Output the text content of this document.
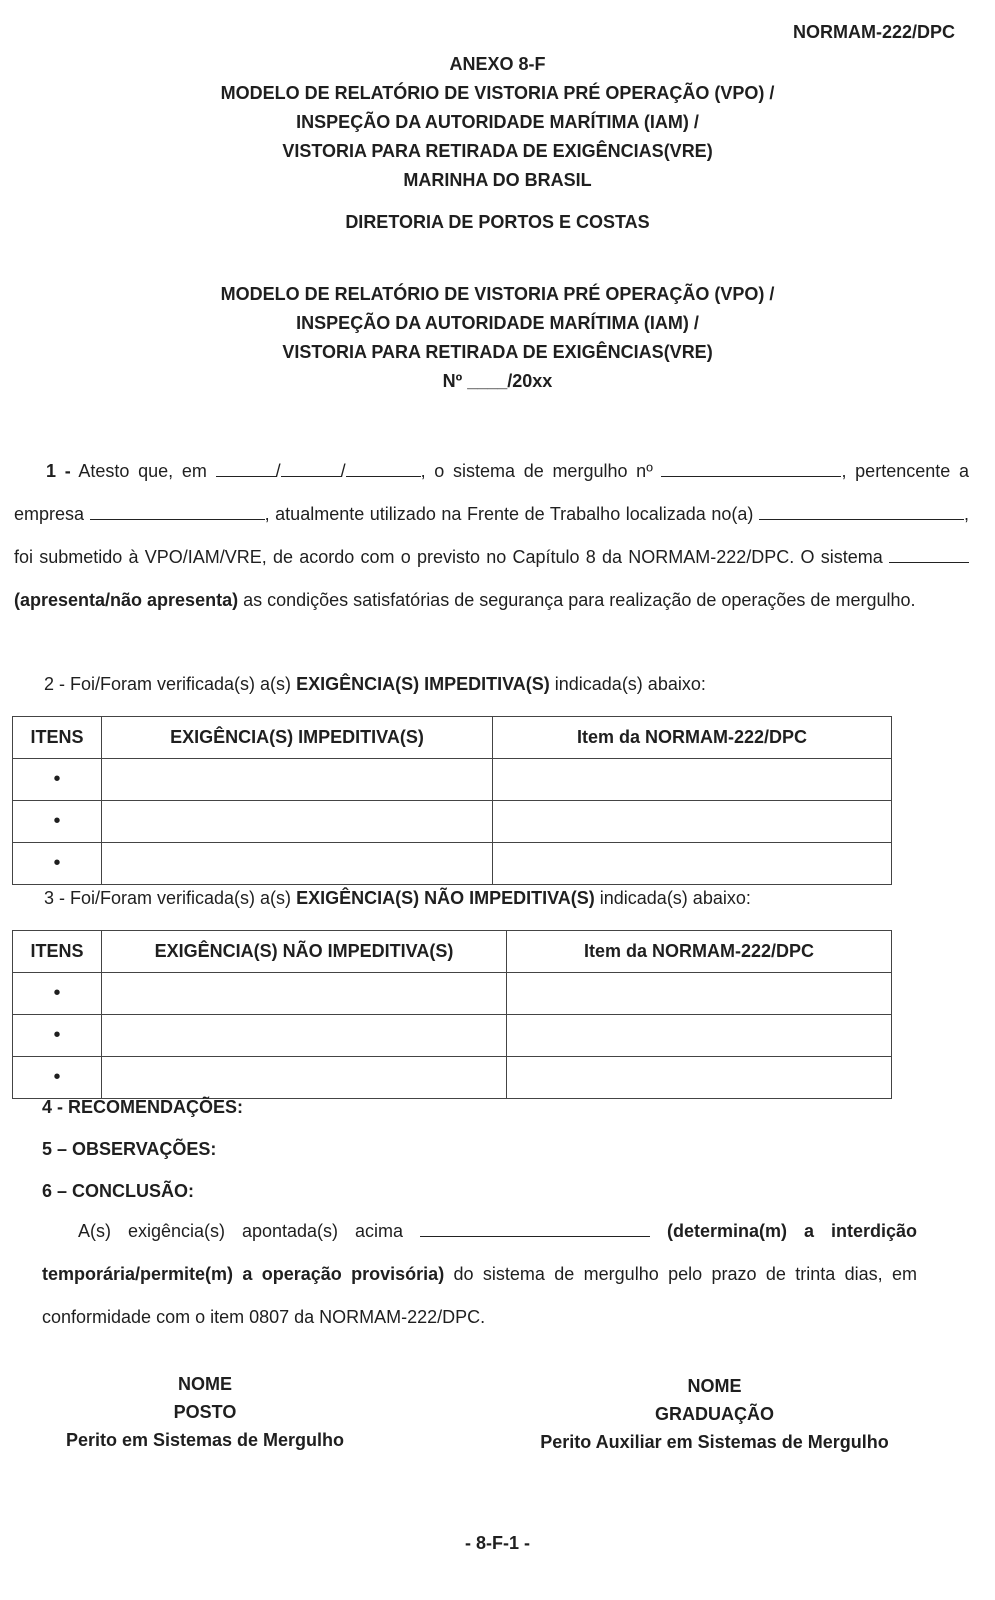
NORMAM-222/DPC
ANEXO 8-F
MODELO DE RELATÓRIO DE VISTORIA PRÉ OPERAÇÃO (VPO) /
INSPEÇÃO DA AUTORIDADE MARÍTIMA (IAM) /
VISTORIA PARA RETIRADA DE EXIGÊNCIAS(VRE)
MARINHA DO BRASIL
DIRETORIA DE PORTOS E COSTAS
MODELO DE RELATÓRIO DE VISTORIA PRÉ OPERAÇÃO (VPO) /
INSPEÇÃO DA AUTORIDADE MARÍTIMA (IAM) /
VISTORIA PARA RETIRADA DE EXIGÊNCIAS(VRE)
Nº ____/20xx
1 - Atesto que, em	/	/	, o sistema de mergulho nº	, pertencente a empresa	, atualmente utilizado na Frente de Trabalho localizada no(a)	, foi submetido à VPO/IAM/VRE, de acordo com o previsto no Capítulo 8 da NORMAM-222/DPC. O sistema  (apresenta/não apresenta) as condições satisfatórias de segurança para realização de operações de mergulho.
2 - Foi/Foram verificada(s) a(s) EXIGÊNCIA(S) IMPEDITIVA(S) indicada(s) abaixo:
ITENS	EXIGÊNCIA(S) IMPEDITIVA(S)	Item da NORMAM-222/DPC
•		
•		
•		
3 - Foi/Foram verificada(s) a(s) EXIGÊNCIA(S) NÃO IMPEDITIVA(S) indicada(s) abaixo:
ITENS	EXIGÊNCIA(S) NÃO IMPEDITIVA(S)	Item da NORMAM-222/DPC
•		
•		
•		
4 - RECOMENDAÇÕES:
5 – OBSERVAÇÕES:
6 – CONCLUSÃO:
A(s) exigência(s) apontada(s) acima	(determina(m) a interdição temporária/permite(m) a operação provisória) do sistema de mergulho pelo prazo de trinta dias, em conformidade com o item 0807 da NORMAM-222/DPC.
NOME
POSTO
Perito em Sistemas de Mergulho
NOME
GRADUAÇÃO
Perito Auxiliar em Sistemas de Mergulho
- 8-F-1 -
